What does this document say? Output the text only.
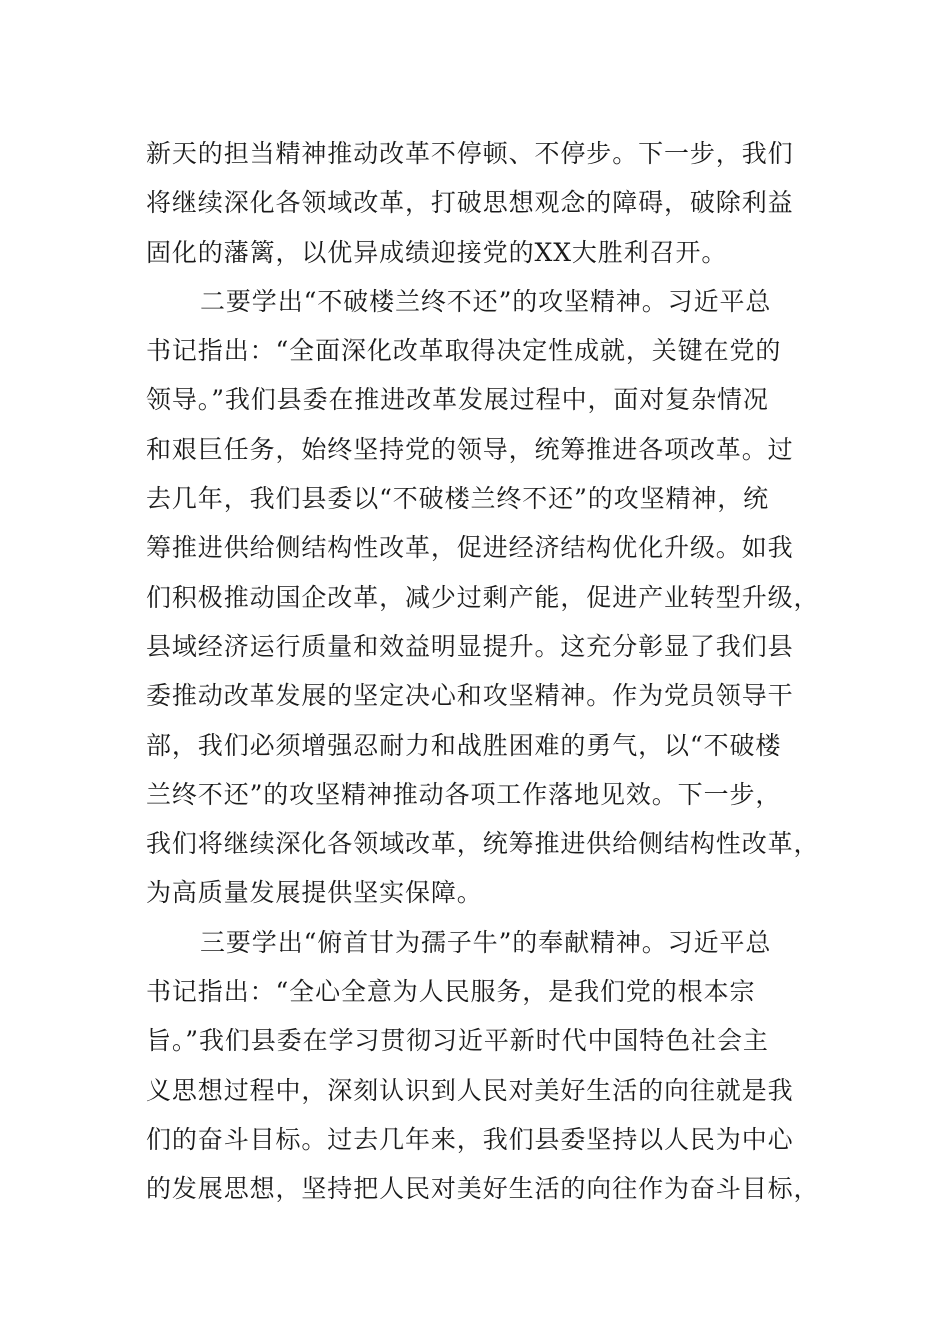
新天的担当精神推动改革不停顿、不停步。下一步，我们
将继续深化各领域改革，打破思想观念的障碍，破除利益
固化的藩篱，以优异成绩迎接党的XX大胜利召开。
二要学出“不破楼兰终不还”的攻坚精神。习近平总
书记指出：“全面深化改革取得决定性成就，关键在党的
领导。”我们县委在推进改革发展过程中，面对复杂情况
和艰巨任务，始终坚持党的领导，统筹推进各项改革。过
去几年，我们县委以“不破楼兰终不还”的攻坚精神，统
筹推进供给侧结构性改革，促进经济结构优化升级。如我
们积极推动国企改革，减少过剩产能，促进产业转型升级，
县域经济运行质量和效益明显提升。这充分彰显了我们县
委推动改革发展的坚定决心和攻坚精神。作为党员领导干
部，我们必须增强忍耐力和战胜困难的勇气，以“不破楼
兰终不还”的攻坚精神推动各项工作落地见效。下一步，
我们将继续深化各领域改革，统筹推进供给侧结构性改革，
为高质量发展提供坚实保障。
三要学出“俯首甘为孺子牛”的奉献精神。习近平总
书记指出：“全心全意为人民服务，是我们党的根本宗
旨。”我们县委在学习贯彻习近平新时代中国特色社会主
义思想过程中，深刻认识到人民对美好生活的向往就是我
们的奋斗目标。过去几年来，我们县委坚持以人民为中心
的发展思想，坚持把人民对美好生活的向往作为奋斗目标，
